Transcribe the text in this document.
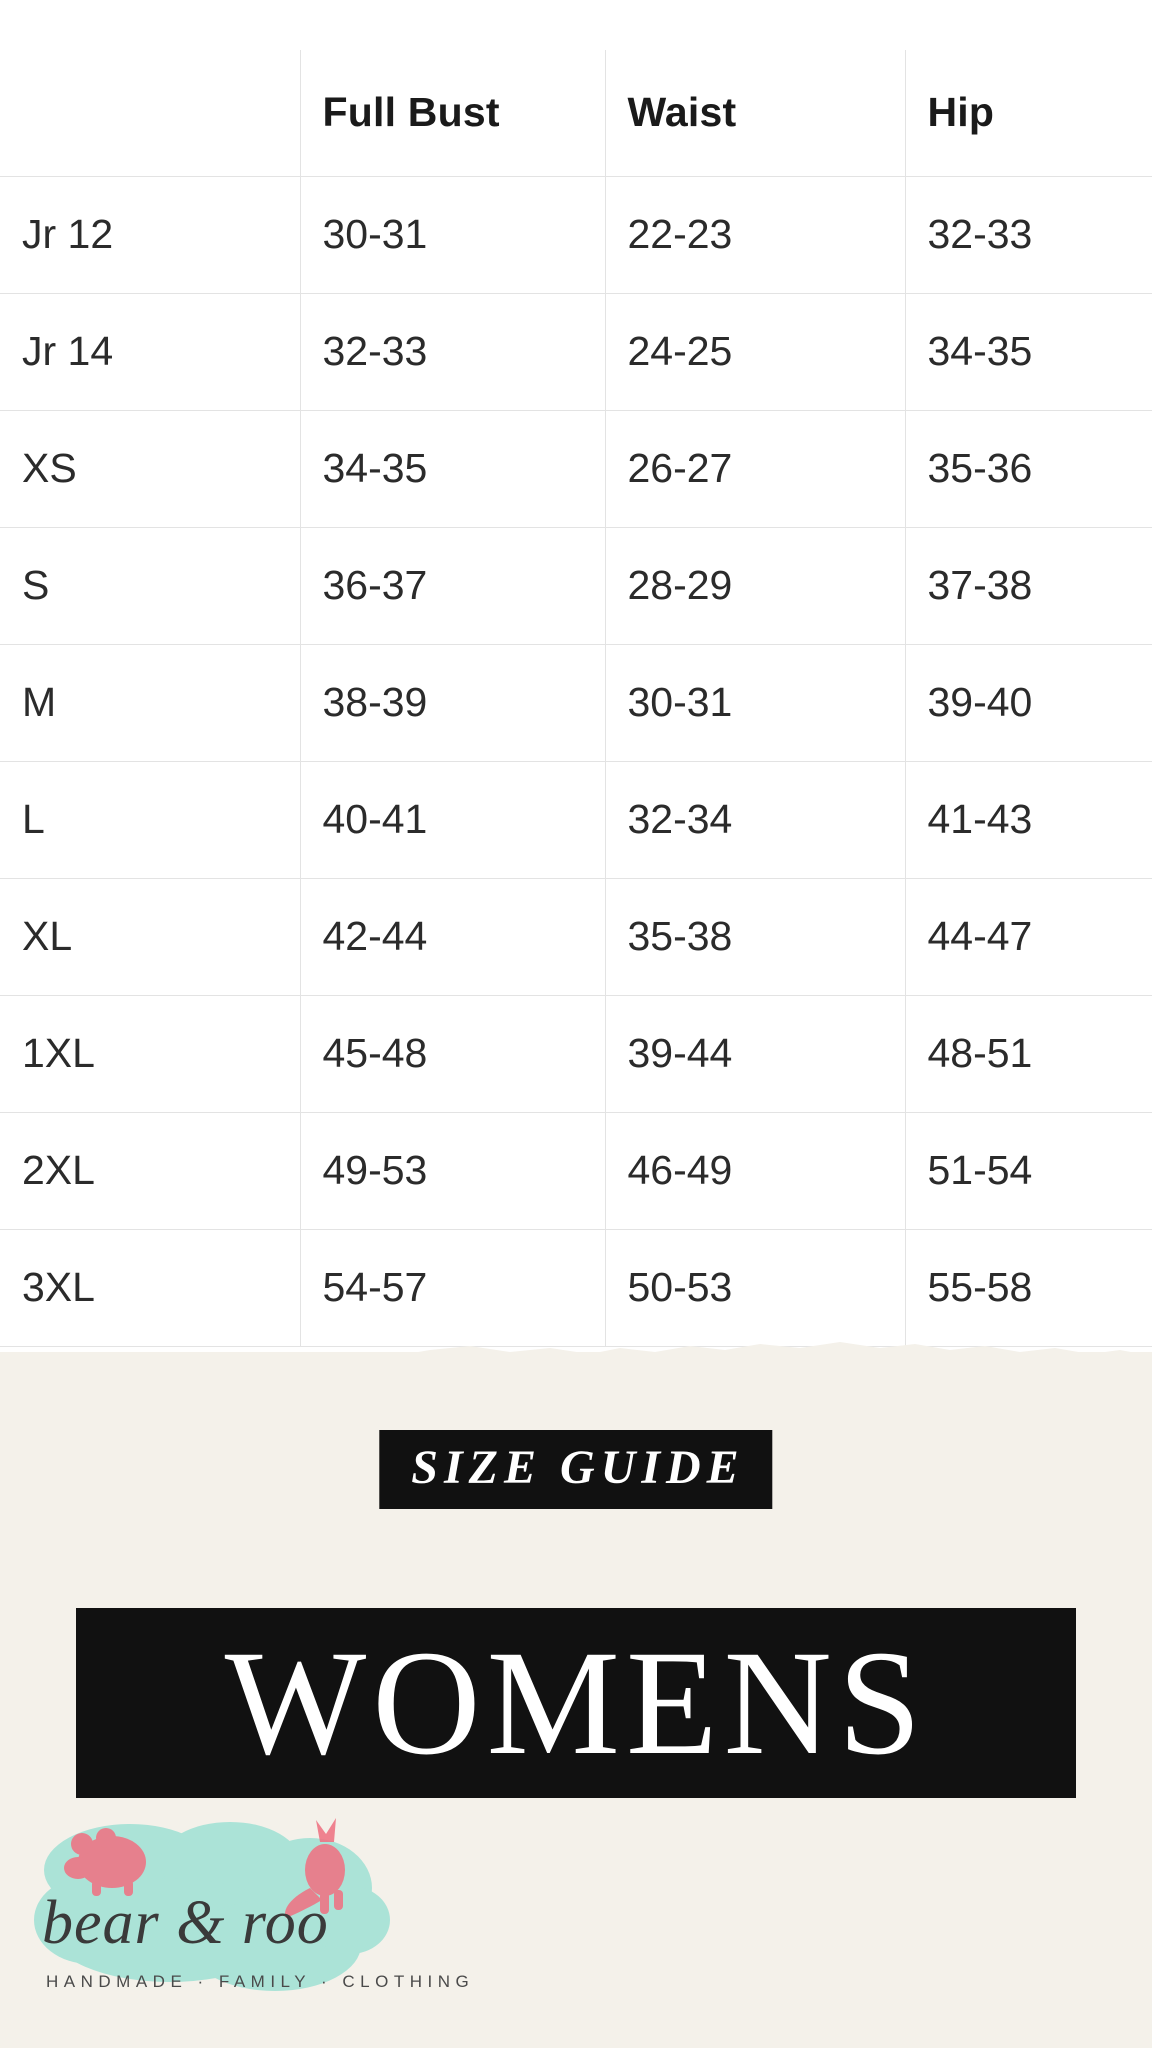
	Full Bust	Waist	Hip
Jr 12	30-31	22-23	32-33
Jr 14	32-33	24-25	34-35
XS	34-35	26-27	35-36
S	36-37	28-29	37-38
M	38-39	30-31	39-40
L	40-41	32-34	41-43
XL	42-44	35-38	44-47
1XL	45-48	39-44	48-51
2XL	49-53	46-49	51-54
3XL	54-57	50-53	55-58
SIZE GUIDE
WOMENS
bear & roo
HANDMADE · FAMILY · CLOTHING
